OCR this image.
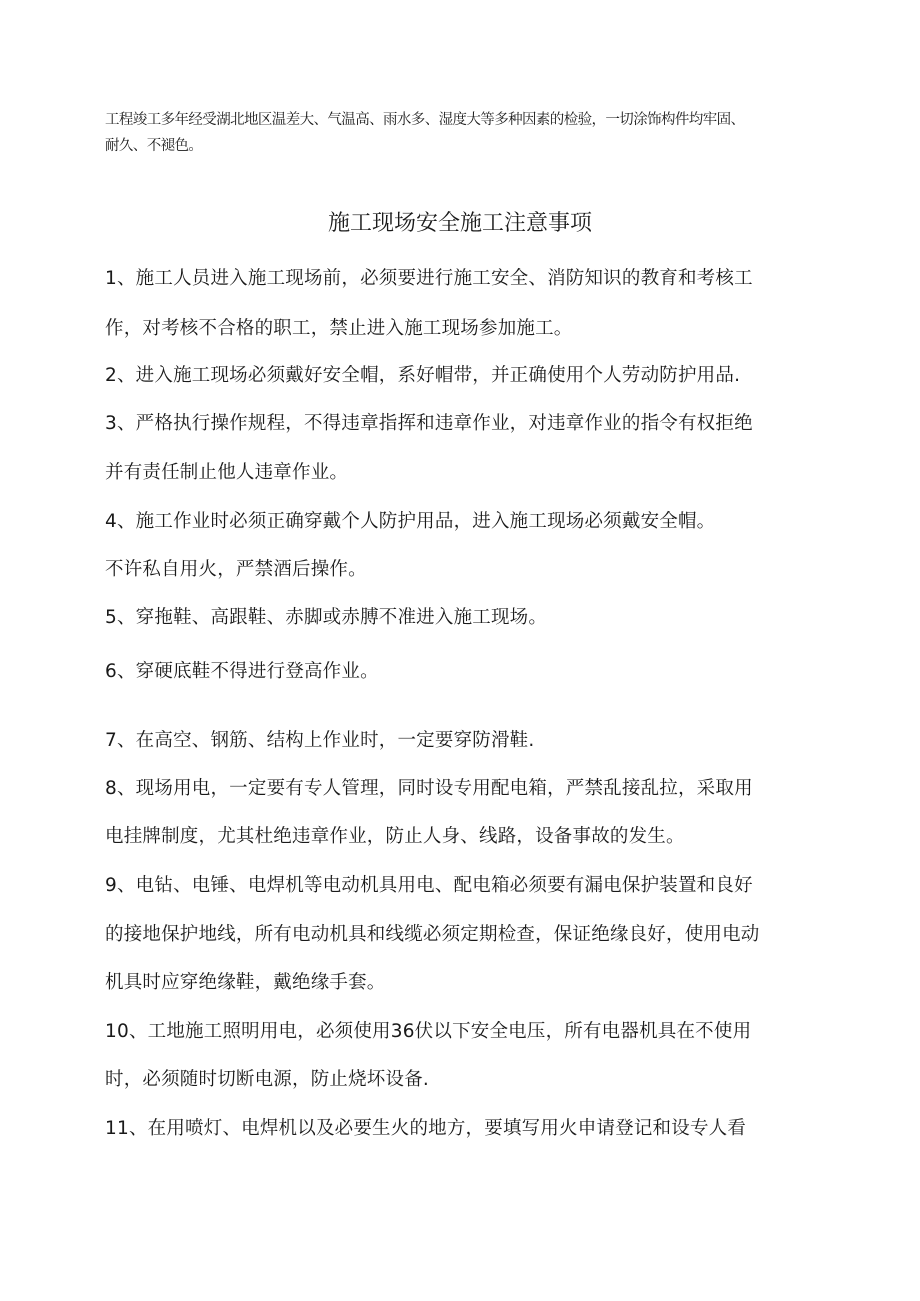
工程竣工多年经受湖北地区温差大、气温高、雨水多、湿度大等多种因素的检验，一切涂饰构件均牢固、
耐久、不褪色。
施工现场安全施工注意事项
1、施工人员进入施工现场前，必须要进行施工安全、消防知识的教育和考核工
作，对考核不合格的职工，禁止进入施工现场参加施工。
2、进入施工现场必须戴好安全帽，系好帽带，并正确使用个人劳动防护用品.
3、严格执行操作规程，不得违章指挥和违章作业，对违章作业的指令有权拒绝
并有责任制止他人违章作业。
4、施工作业时必须正确穿戴个人防护用品，进入施工现场必须戴安全帽。
不许私自用火，严禁酒后操作。
5、穿拖鞋、高跟鞋、赤脚或赤膊不准进入施工现场。
6、穿硬底鞋不得进行登高作业。
7、在高空、钢筋、结构上作业时，一定要穿防滑鞋.
8、现场用电，一定要有专人管理，同时设专用配电箱，严禁乱接乱拉，采取用
电挂牌制度，尤其杜绝违章作业，防止人身、线路，设备事故的发生。
9、电钻、电锤、电焊机等电动机具用电、配电箱必须要有漏电保护装置和良好
的接地保护地线，所有电动机具和线缆必须定期检查，保证绝缘良好，使用电动
机具时应穿绝缘鞋，戴绝缘手套。
10、工地施工照明用电，必须使用36伏以下安全电压，所有电器机具在不使用
时，必须随时切断电源，防止烧坏设备.
11、在用喷灯、电焊机以及必要生火的地方，要填写用火申请登记和设专人看
